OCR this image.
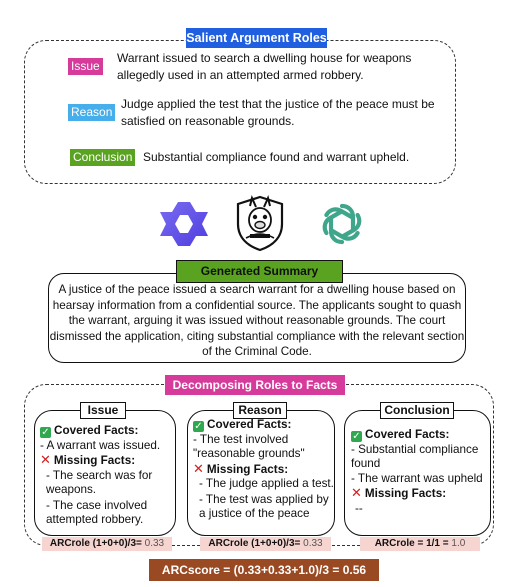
Salient Argument Roles
Issue
Warrant issued to search a dwelling house for weapons allegedly used in an attempted armed robbery.
Reason
Judge applied the test that the justice of the peace must be satisfied on reasonable grounds.
Conclusion Substantial compliance found and warrant upheld.
Generated Summary
A justice of the peace issued a search warrant for a dwelling house based on hearsay information from a confidential source. The applicants sought to quash the warrant, arguing it was issued without reasonable grounds. The court dismissed the application, citing substantial compliance with the relevant section of the Criminal Code.
Decomposing Roles to Facts
Issue
✓ Covered Facts:
- A warrant was issued.
✕ Missing Facts:
- The search was for weapons.
- The case involved attempted robbery.
ARCrole (1+0+0)/3= 0.33
Reason
✓ Covered Facts:
- The test involved "reasonable grounds"
✕ Missing Facts:
- The judge applied a test.
- The test was applied by a justice of the peace
ARCrole (1+0+0)/3= 0.33
Conclusion
✓ Covered Facts:
- Substantial compliance found
- The warrant was upheld
✕ Missing Facts:
--
ARCrole = 1/1 = 1.0
ARCscore = (0.33+0.33+1.0)/3 = 0.56
